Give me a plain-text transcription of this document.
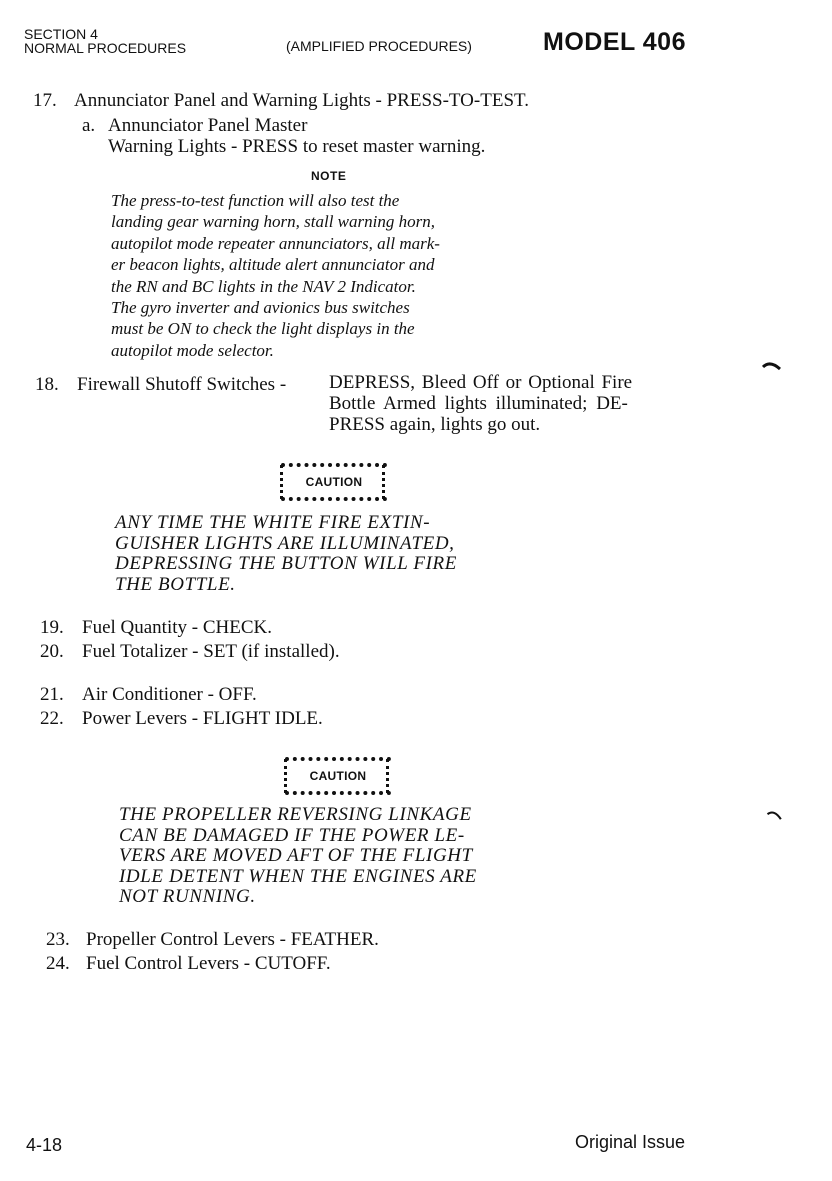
SECTION 4
NORMAL PROCEDURES	(AMPLIFIED PROCEDURES)	MODEL 406
17. Annunciator Panel and Warning Lights - PRESS-TO-TEST.
a. Annunciator Panel Master
Warning Lights - PRESS to reset master warning.
NOTE
The press-to-test function will also test the
landing gear warning horn, stall warning horn,
autopilot mode repeater annunciators, all mark-
er beacon lights, altitude alert annunciator and
the RN and BC lights in the NAV 2 Indicator.
The gyro inverter and avionics bus switches
must be ON to check the light displays in the
autopilot mode selector.
18. Firewall Shutoff Switches - DEPRESS, Bleed Off or Optional Fire
Bottle Armed lights illuminated; DE-
PRESS again, lights go out.
CAUTION
ANY TIME THE WHITE FIRE EXTIN-
GUISHER LIGHTS ARE ILLUMINATED,
DEPRESSING THE BUTTON WILL FIRE
THE BOTTLE.
19. Fuel Quantity - CHECK.
20. Fuel Totalizer - SET (if installed).
21. Air Conditioner - OFF.
22. Power Levers - FLIGHT IDLE.
CAUTION
THE PROPELLER REVERSING LINKAGE
CAN BE DAMAGED IF THE POWER LE-
VERS ARE MOVED AFT OF THE FLIGHT
IDLE DETENT WHEN THE ENGINES ARE
NOT RUNNING.
23. Propeller Control Levers - FEATHER.
24. Fuel Control Levers - CUTOFF.
4-18	Original Issue
